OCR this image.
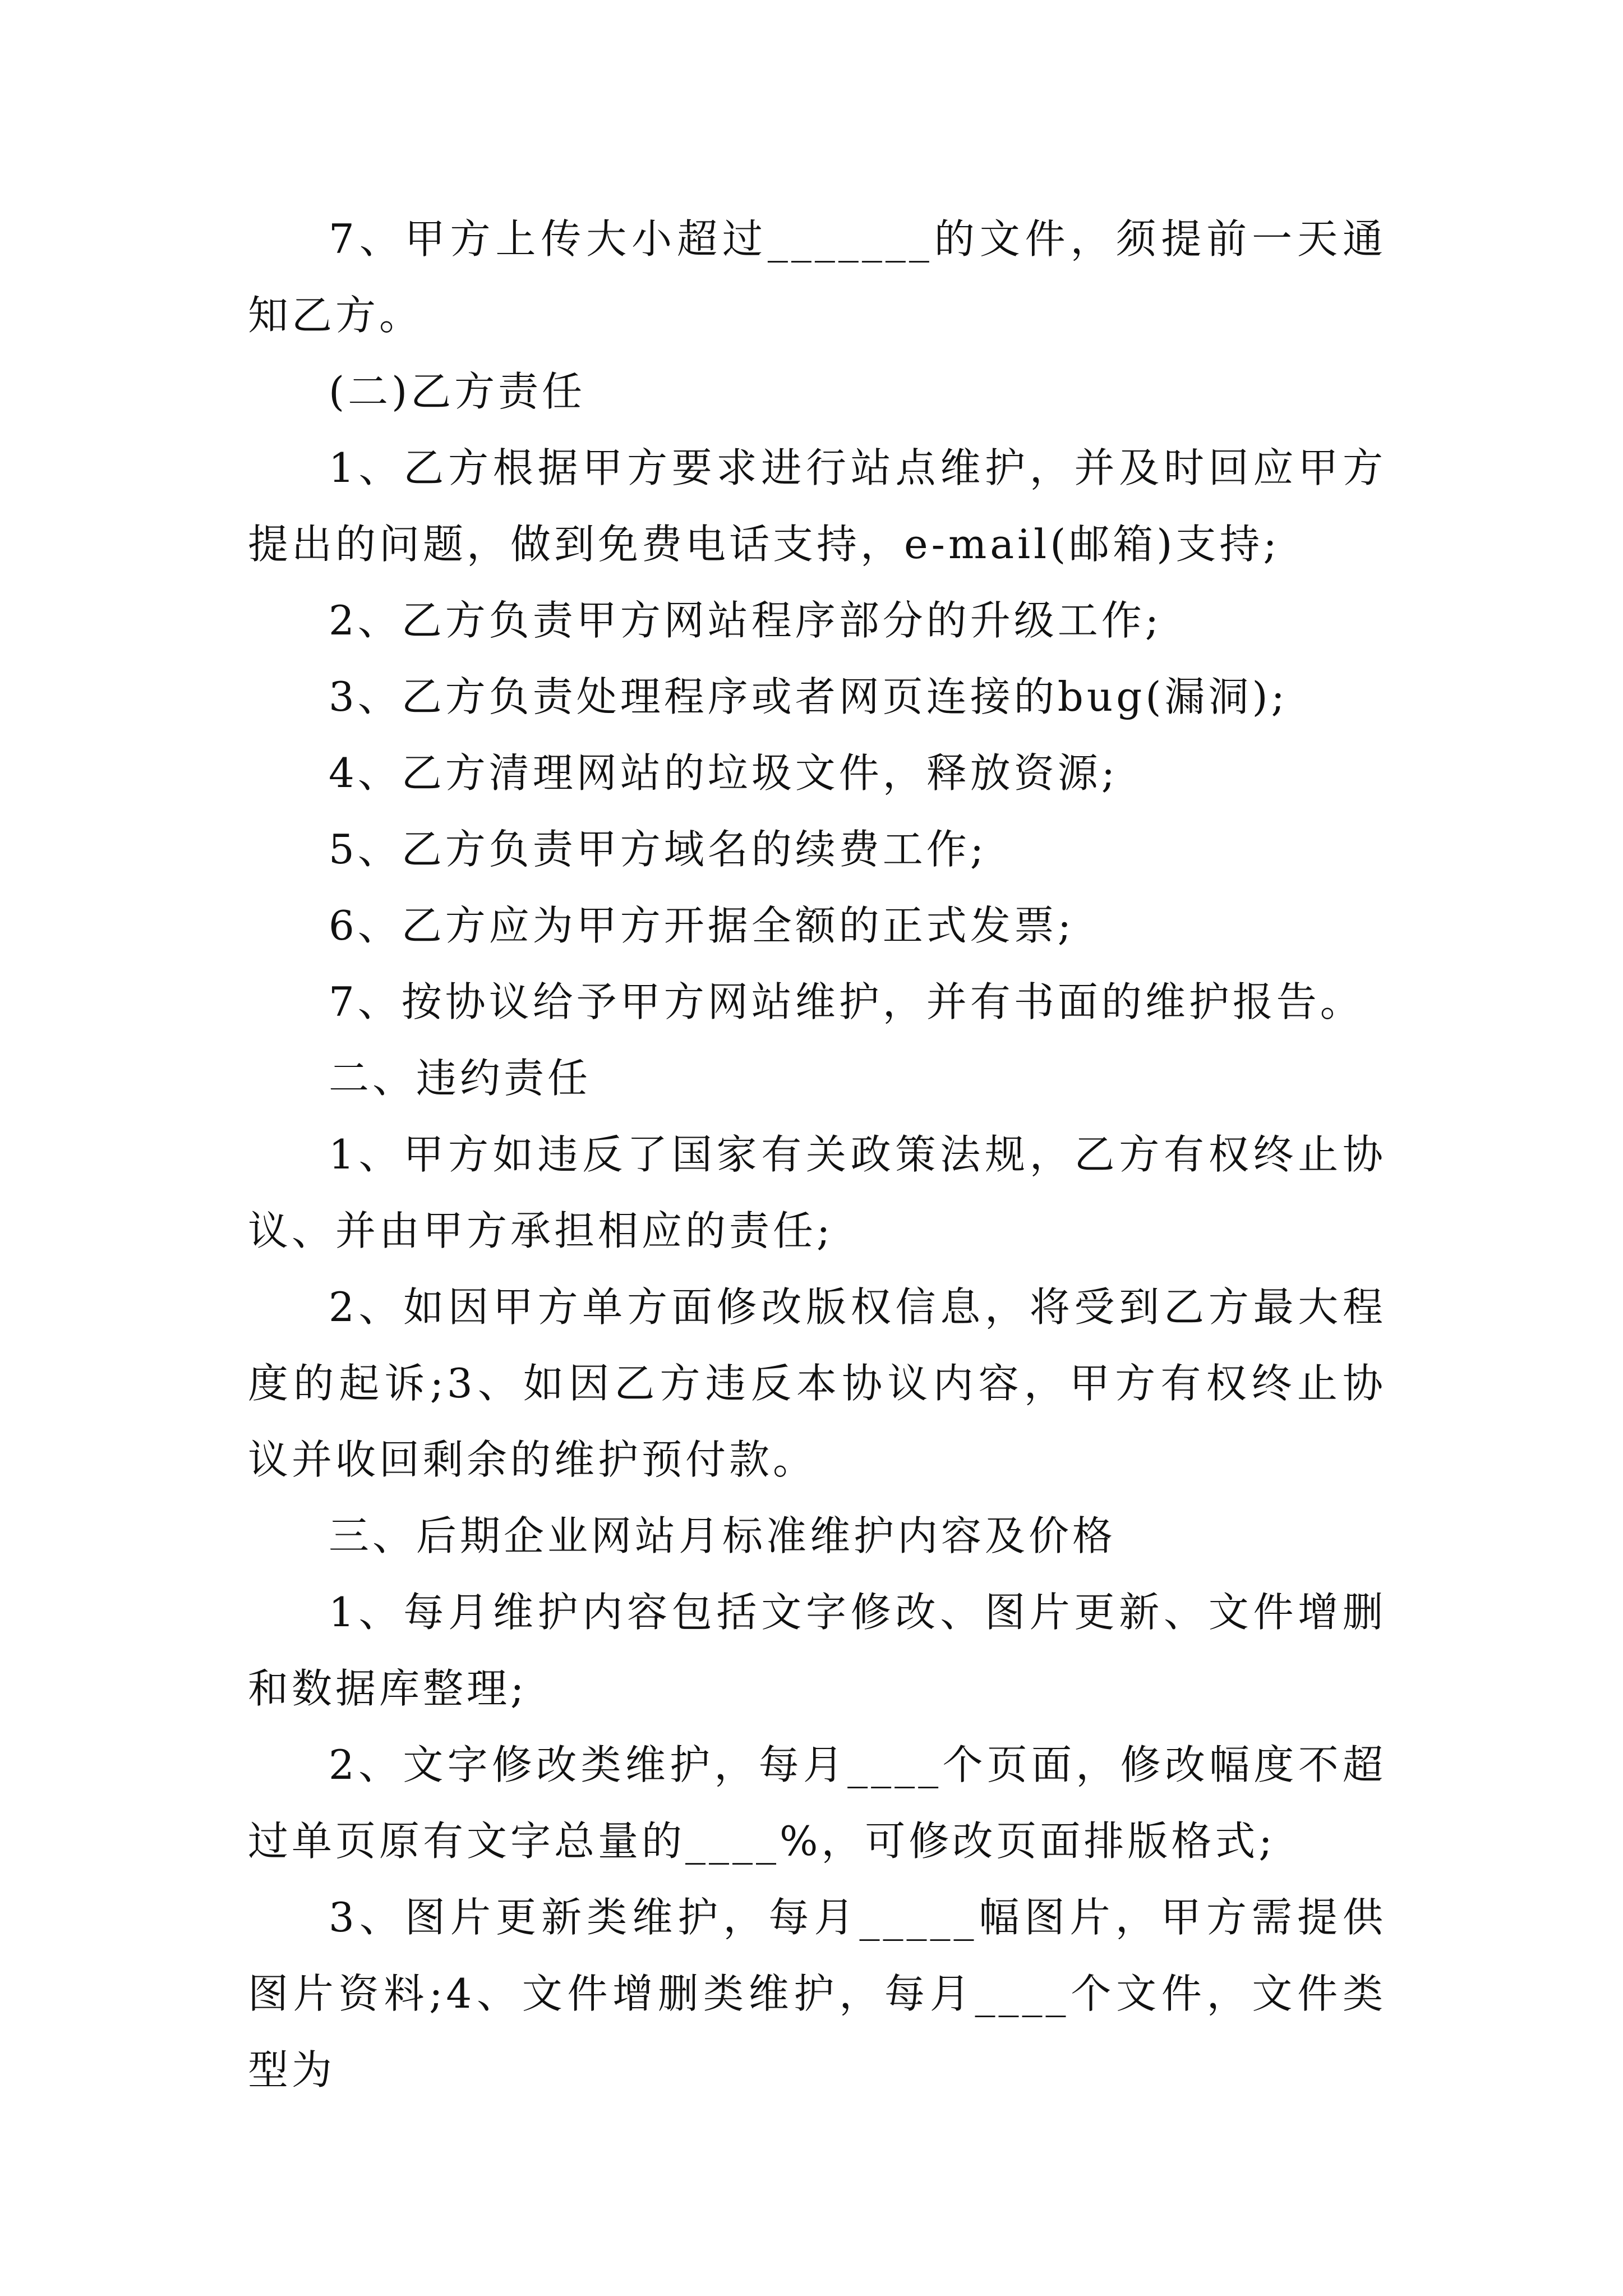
7、甲方上传大小超过_______的文件，须提前一天通知乙方。

(二)乙方责任

1、乙方根据甲方要求进行站点维护，并及时回应甲方提出的问题，做到免费电话支持，e-mail(邮箱)支持;

2、乙方负责甲方网站程序部分的升级工作;

3、乙方负责处理程序或者网页连接的bug(漏洞);

4、乙方清理网站的垃圾文件，释放资源;

5、乙方负责甲方域名的续费工作;

6、乙方应为甲方开据全额的正式发票;

7、按协议给予甲方网站维护，并有书面的维护报告。

二、违约责任

1、甲方如违反了国家有关政策法规，乙方有权终止协议、并由甲方承担相应的责任;

2、如因甲方单方面修改版权信息，将受到乙方最大程度的起诉;3、如因乙方违反本协议内容，甲方有权终止协议并收回剩余的维护预付款。

三、后期企业网站月标准维护内容及价格

1、每月维护内容包括文字修改、图片更新、文件增删和数据库整理;

2、文字修改类维护，每月____个页面，修改幅度不超过单页原有文字总量的____%，可修改页面排版格式;

3、图片更新类维护，每月_____幅图片，甲方需提供图片资料;4、文件增删类维护，每月____个文件，文件类型为
